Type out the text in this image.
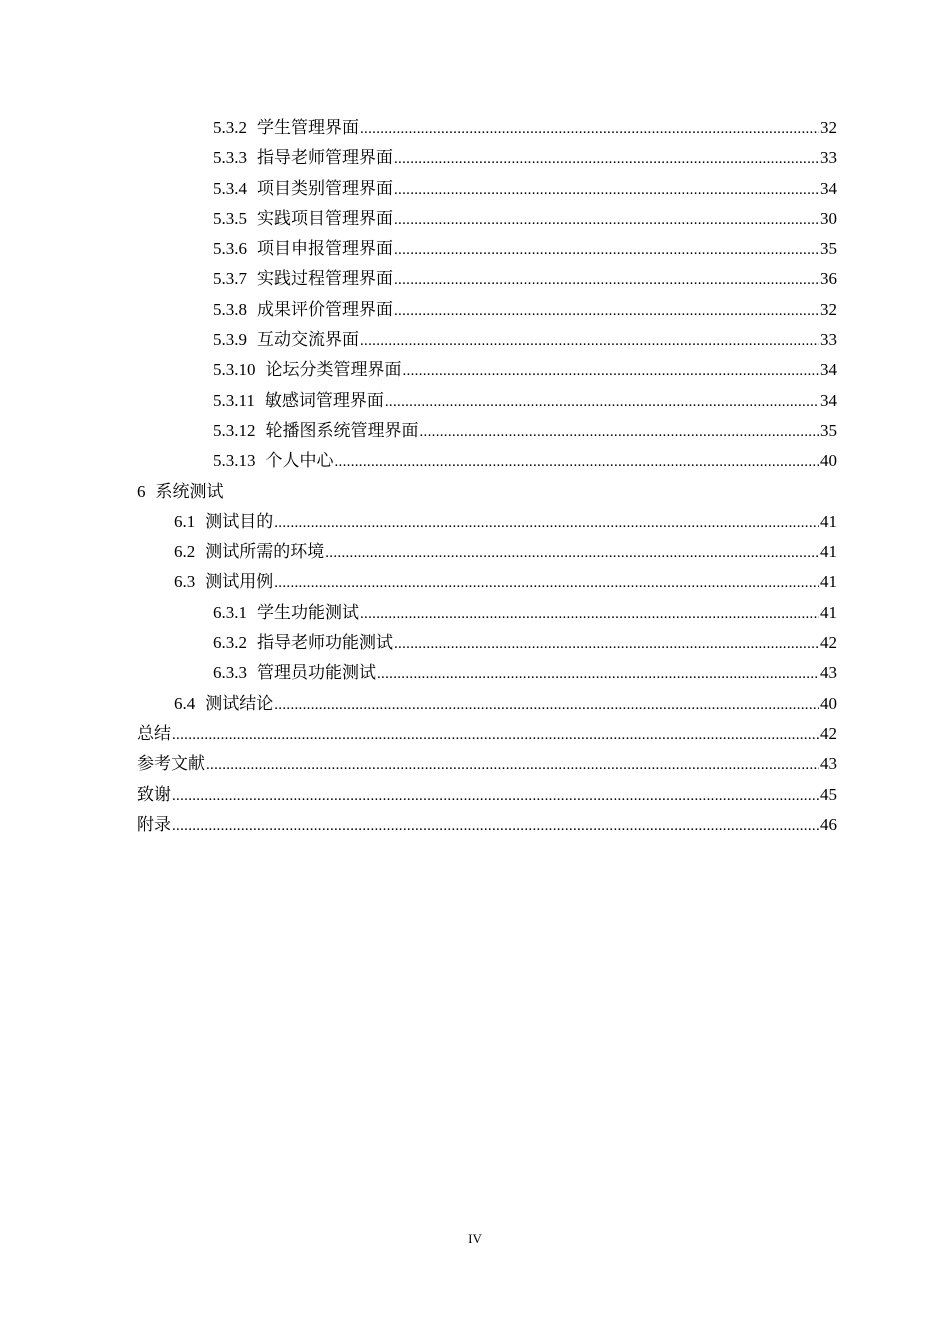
5.3.2 学生管理界面 .....	32
5.3.3 指导老师管理界面 .....	33
5.3.4 项目类别管理界面 .....	34
5.3.5 实践项目管理界面 .....	30
5.3.6 项目申报管理界面 .....	35
5.3.7 实践过程管理界面 .....	36
5.3.8 成果评价管理界面 .....	32
5.3.9 互动交流界面 .....	33
5.3.10 论坛分类管理界面 .....	34
5.3.11 敏感词管理界面 .....	34
5.3.12 轮播图系统管理界面 .....	35
5.3.13 个人中心 .....	40
6 系统测试
6.1 测试目的 .....	41
6.2 测试所需的环境 .....	41
6.3 测试用例 .....	41
6.3.1 学生功能测试 .....	41
6.3.2 指导老师功能测试 .....	42
6.3.3 管理员功能测试 .....	43
6.4 测试结论 .....	40
总结 .....	42
参考文献 .....	43
致谢 .....	45
附录 .....	46
IV
